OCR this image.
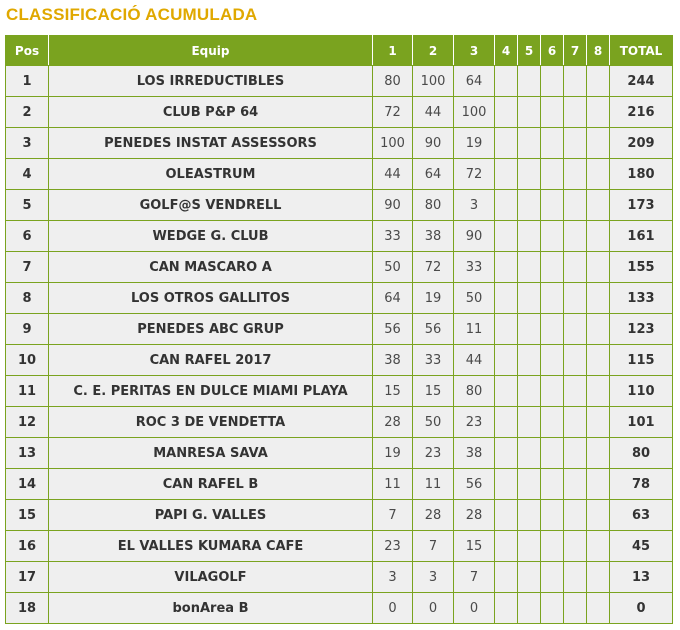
CLASSIFICACIÓ ACUMULADA
Pos	Equip	1	2	3	4	5	6	7	8	TOTAL
1	LOS IRREDUCTIBLES	80	100	64						244
2	CLUB P&P 64	72	44	100						216
3	PENEDES INSTAT ASSESSORS	100	90	19						209
4	OLEASTRUM	44	64	72						180
5	GOLF@S VENDRELL	90	80	3						173
6	WEDGE G. CLUB	33	38	90						161
7	CAN MASCARO A	50	72	33						155
8	LOS OTROS GALLITOS	64	19	50						133
9	PENEDES ABC GRUP	56	56	11						123
10	CAN RAFEL 2017	38	33	44						115
11	C. E. PERITAS EN DULCE MIAMI PLAYA	15	15	80						110
12	ROC 3 DE VENDETTA	28	50	23						101
13	MANRESA SAVA	19	23	38						80
14	CAN RAFEL B	11	11	56						78
15	PAPI G. VALLES	7	28	28						63
16	EL VALLES KUMARA CAFE	23	7	15						45
17	VILAGOLF	3	3	7						13
18	bonArea B	0	0	0						0
